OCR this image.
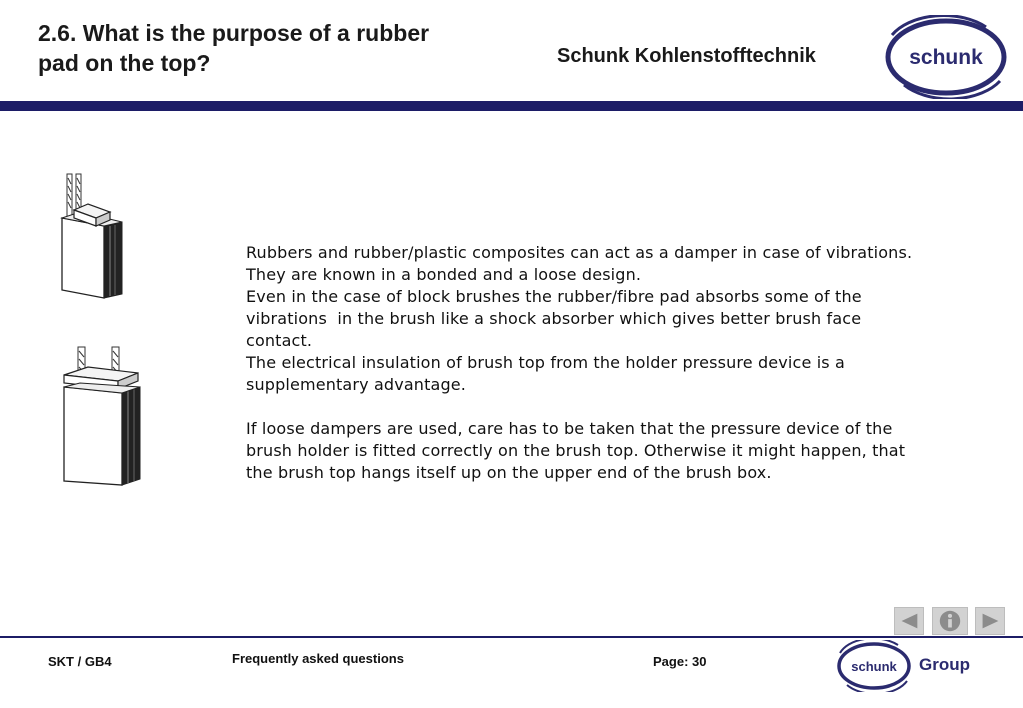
2.6. What is the purpose of a rubber
pad on the top?	Schunk Kohlenstofftechnik	schunk

Rubbers and rubber/plastic composites can act as a damper in case of vibrations.

They are known in a bonded and a loose design.

Even in the case of block brushes the rubber/fibre pad absorbs some of the

vibrations  in the brush like a shock absorber which gives better brush face

contact.

The electrical insulation of brush top from the holder pressure device is a

supplementary advantage.

If loose dampers are used, care has to be taken that the pressure device of the

brush holder is fitted correctly on the brush top. Otherwise it might happen, that

the brush top hangs itself up on the upper end of the brush box.

SKT / GB4	Frequently asked questions	Page: 30	schunk Group
